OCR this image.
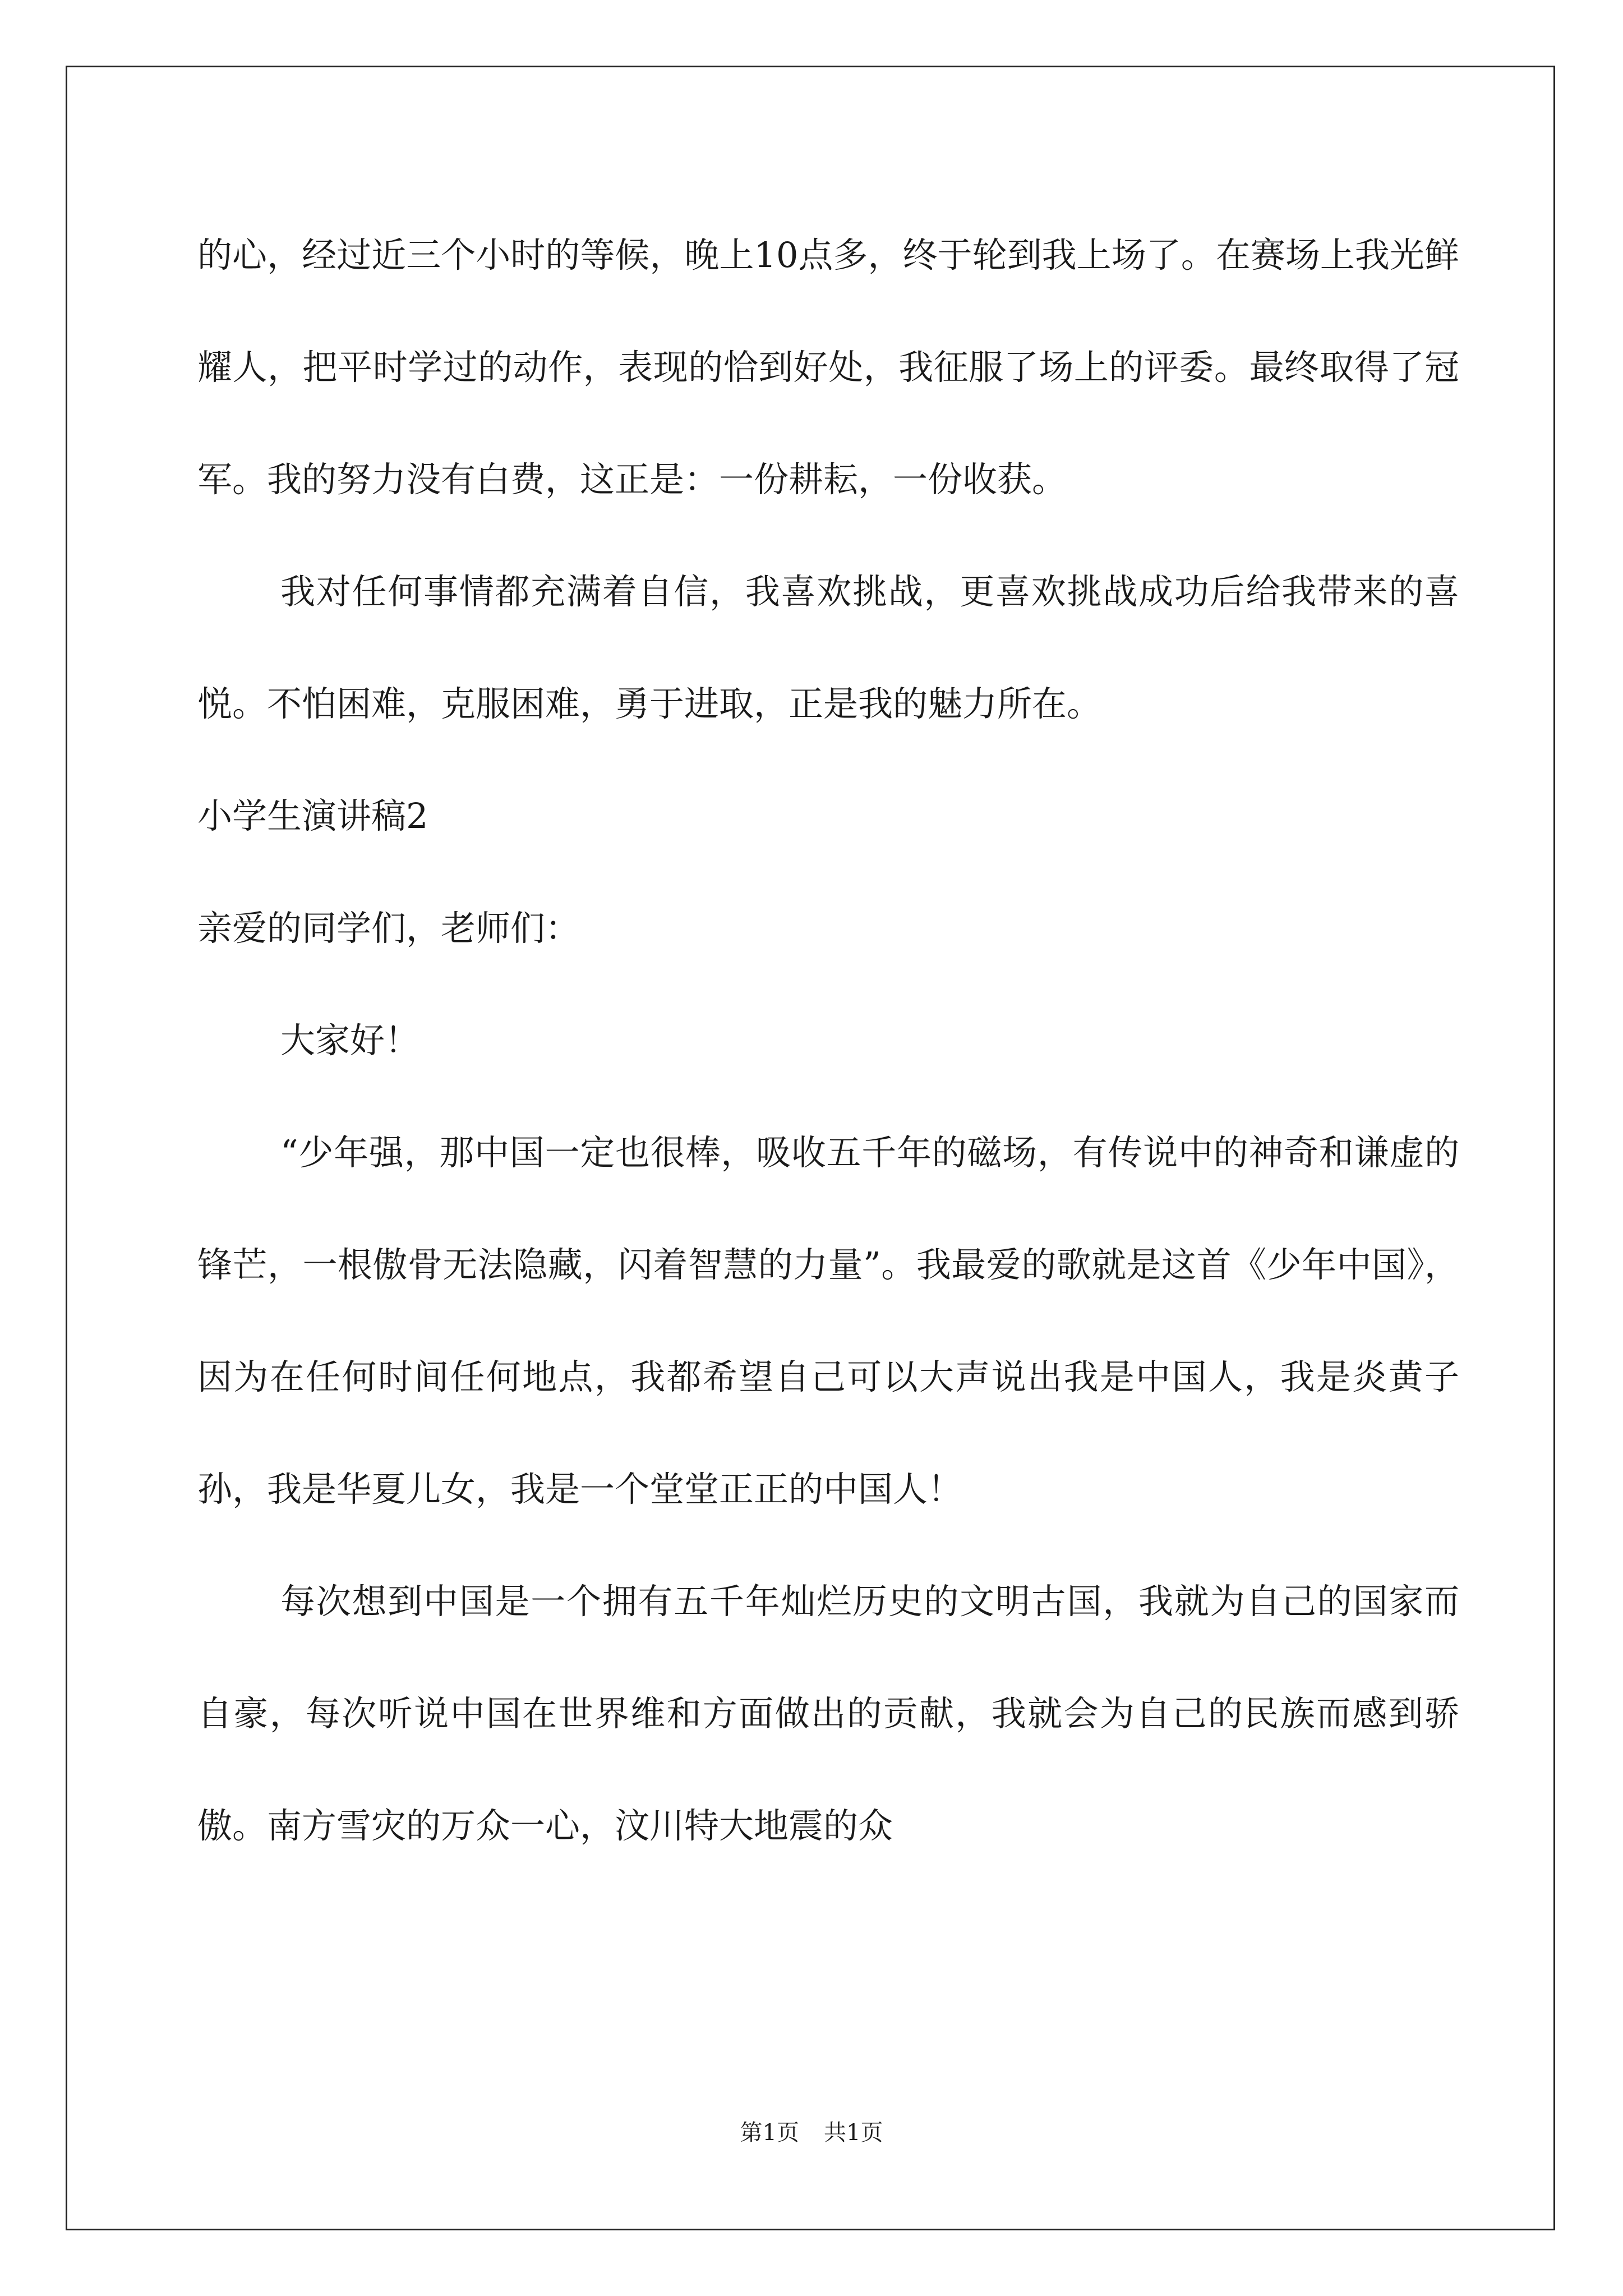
的心，经过近三个小时的等候，晚上10点多，终于轮到我上场了。在赛场上我光鲜耀人，把平时学过的动作，表现的恰到好处，我征服了场上的评委。最终取得了冠军。我的努力没有白费，这正是：一份耕耘，一份收获。

我对任何事情都充满着自信，我喜欢挑战，更喜欢挑战成功后给我带来的喜悦。不怕困难，克服困难，勇于进取，正是我的魅力所在。

小学生演讲稿2

亲爱的同学们，老师们：

大家好！

“少年强，那中国一定也很棒，吸收五千年的磁场，有传说中的神奇和谦虚的锋芒，一根傲骨无法隐藏，闪着智慧的力量”。我最爱的歌就是这首《少年中国》，因为在任何时间任何地点，我都希望自己可以大声说出我是中国人，我是炎黄子孙，我是华夏儿女，我是一个堂堂正正的中国人！

每次想到中国是一个拥有五千年灿烂历史的文明古国，我就为自己的国家而自豪，每次听说中国在世界维和方面做出的贡献，我就会为自己的民族而感到骄傲。南方雪灾的万众一心，汶川特大地震的众

第1页 共1页
